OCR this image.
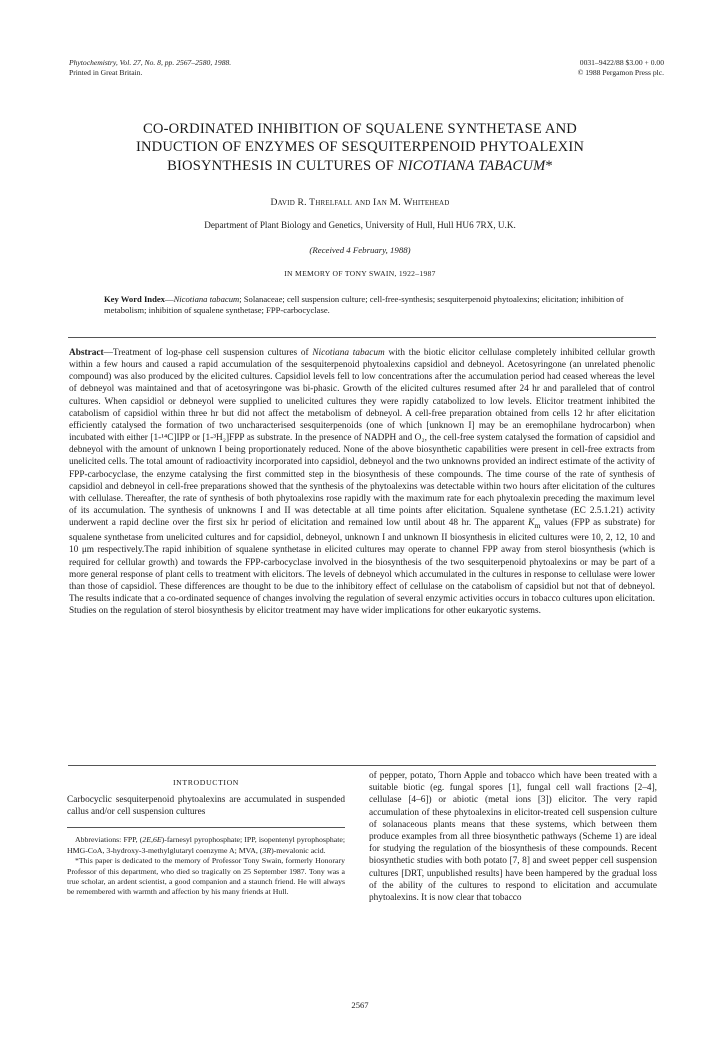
Phytochemistry, Vol. 27, No. 8, pp. 2567–2580, 1988.
Printed in Great Britain.
0031–9422/88 $3.00 + 0.00
© 1988 Pergamon Press plc.
CO-ORDINATED INHIBITION OF SQUALENE SYNTHETASE AND
INDUCTION OF ENZYMES OF SESQUITERPENOID PHYTOALEXIN
BIOSYNTHESIS IN CULTURES OF NICOTIANA TABACUM*
David R. Threlfall and Ian M. Whitehead
Department of Plant Biology and Genetics, University of Hull, Hull HU6 7RX, U.K.
(Received 4 February, 1988)
IN MEMORY OF TONY SWAIN, 1922–1987
Key Word Index—Nicotiana tabacum; Solanaceae; cell suspension culture; cell-free-synthesis; sesquiterpenoid phytoalexins; elicitation; inhibition of metabolism; inhibition of squalene synthetase; FPP-carbocyclase.
Abstract—Treatment of log-phase cell suspension cultures of Nicotiana tabacum with the biotic elicitor cellulase completely inhibited cellular growth within a few hours and caused a rapid accumulation of the sesquiterpenoid phytoalexins capsidiol and debneyol. Acetosyringone (an unrelated phenolic compound) was also produced by the elicited cultures. Capsidiol levels fell to low concentrations after the accumulation period had ceased whereas the level of debneyol was maintained and that of acetosyringone was bi-phasic. Growth of the elicited cultures resumed after 24 hr and paralleled that of control cultures. When capsidiol or debneyol were supplied to unelicited cultures they were rapidly catabolized to low levels. Elicitor treatment inhibited the catabolism of capsidiol within three hr but did not affect the metabolism of debneyol. A cell-free preparation obtained from cells 12 hr after elicitation efficiently catalysed the formation of two uncharacterised sesquiterpenoids (one of which [unknown I] may be an eremophilane hydrocarbon) when incubated with either [1-¹⁴C]IPP or [1-³H₂]FPP as substrate. In the presence of NADPH and O₂, the cell-free system catalysed the formation of capsidiol and debneyol with the amount of unknown I being proportionately reduced. None of the above biosynthetic capabilities were present in cell-free extracts from unelicited cells. The total amount of radioactivity incorporated into capsidiol, debneyol and the two unknowns provided an indirect estimate of the activity of FPP-carbocyclase, the enzyme catalysing the first committed step in the biosynthesis of these compounds. The time course of the rate of synthesis of capsidiol and debneyol in cell-free preparations showed that the synthesis of the phytoalexins was detectable within two hours after elicitation of the cultures with cellulase. Thereafter, the rate of synthesis of both phytoalexins rose rapidly with the maximum rate for each phytoalexin preceding the maximum level of its accumulation. The synthesis of unknowns I and II was detectable at all time points after elicitation. Squalene synthetase (EC 2.5.1.21) activity underwent a rapid decline over the first six hr period of elicitation and remained low until about 48 hr. The apparent $K_m$ values (FPP as substrate) for squalene synthetase from unelicited cultures and for capsidiol, debneyol, unknown I and unknown II biosynthesis in elicited cultures were 10, 2, 12, 10 and 10 μm respectively.The rapid inhibition of squalene synthetase in elicited cultures may operate to channel FPP away from sterol biosynthesis (which is required for cellular growth) and towards the FPP-carbocyclase involved in the biosynthesis of the two sesquiterpenoid phytoalexins or may be part of a more general response of plant cells to treatment with elicitors. The levels of debneyol which accumulated in the cultures in response to cellulase were lower than those of capsidiol. These differences are thought to be due to the inhibitory effect of cellulase on the catabolism of capsidiol but not that of debneyol. The results indicate that a co-ordinated sequence of changes involving the regulation of several enzymic activities occurs in tobacco cultures upon elicitation. Studies on the regulation of sterol biosynthesis by elicitor treatment may have wider implications for other eukaryotic systems.
INTRODUCTION

Carbocyclic sesquiterpenoid phytoalexins are accumulated in suspended callus and/or cell suspension cultures

Abbreviations: FPP, (2E,6E)-farnesyl pyrophosphate; IPP, isopentenyl pyrophosphate; HMG-CoA, 3-hydroxy-3-methylglutaryl coenzyme A; MVA, (3R)-mevalonic acid.

*This paper is dedicated to the memory of Professor Tony Swain, formerly Honorary Professor of this department, who died so tragically on 25 September 1987. Tony was a true scholar, an ardent scientist, a good companion and a staunch friend. He will always be remembered with warmth and affection by his many friends at Hull.

of pepper, potato, Thorn Apple and tobacco which have been treated with a suitable biotic (eg. fungal spores [1], fungal cell wall fractions [2–4], cellulase [4–6]) or abiotic (metal ions [3]) elicitor. The very rapid accumulation of these phytoalexins in elicitor-treated cell suspension culture of solanaceous plants means that these systems, which between them produce examples from all three biosynthetic pathways (Scheme 1) are ideal for studying the regulation of the biosynthesis of these compounds. Recent biosynthetic studies with both potato [7, 8] and sweet pepper cell suspension cultures [DRT, unpublished results] have been hampered by the gradual loss of the ability of the cultures to respond to elicitation and accumulate phytoalexins. It is now clear that tobacco

2567
